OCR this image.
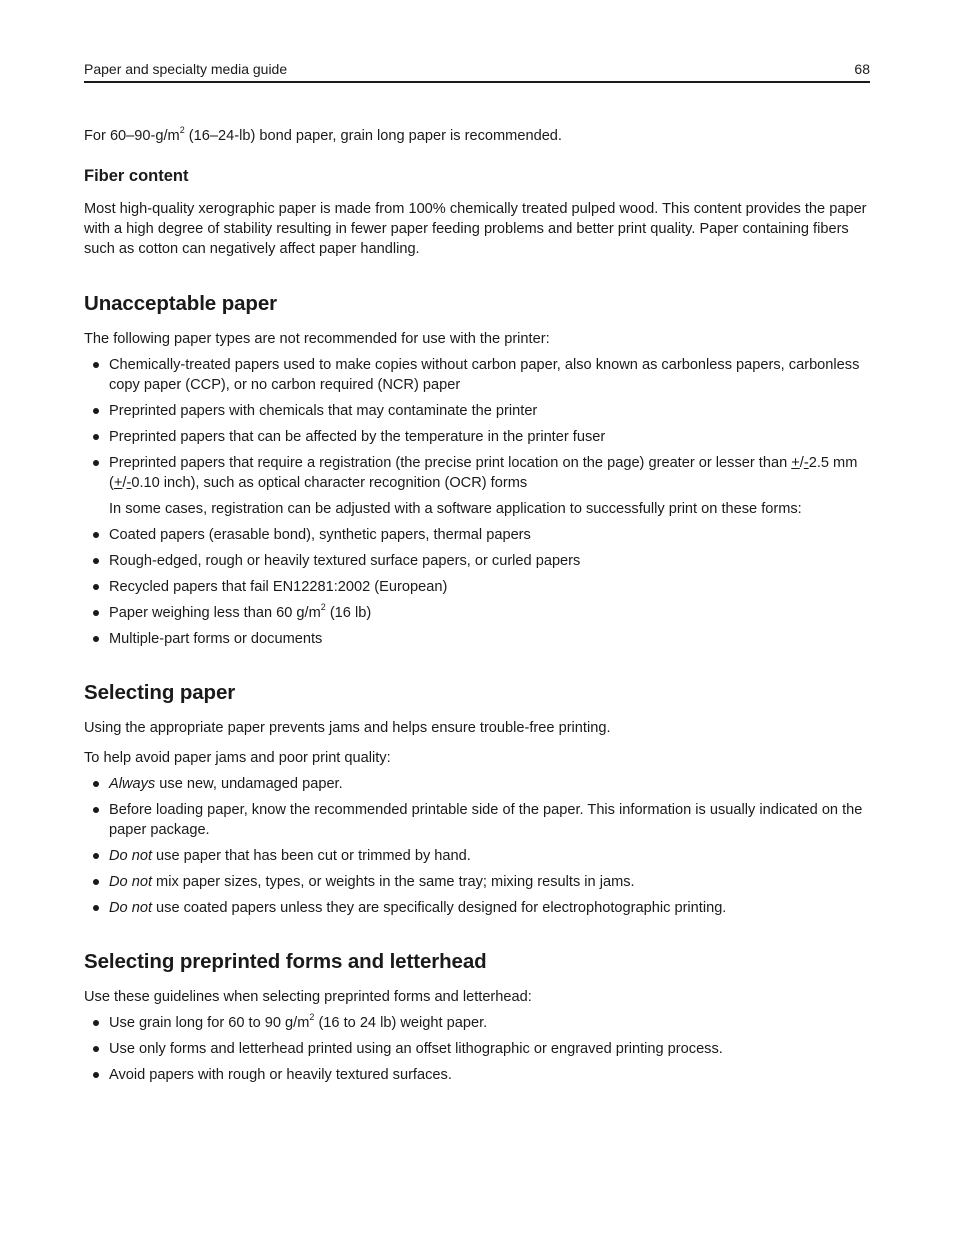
Paper and specialty media guide	68

For $60-90-g/m^2$ (16–24-lb) bond paper, grain long paper is recommended.

Fiber content

Most high-quality xerographic paper is made from 100% chemically treated pulped wood. This content provides the paper with a high degree of stability resulting in fewer paper feeding problems and better print quality. Paper containing fibers such as cotton can negatively affect paper handling.

Unacceptable paper

The following paper types are not recommended for use with the printer:

Chemically-treated papers used to make copies without carbon paper, also known as carbonless papers, carbonless copy paper (CCP), or no carbon required (NCR) paper
Preprinted papers with chemicals that may contaminate the printer
Preprinted papers that can be affected by the temperature in the printer fuser
Preprinted papers that require a registration (the precise print location on the page) greater or lesser than +/-2.5 mm (+/-0.10 inch), such as optical character recognition (OCR) forms

In some cases, registration can be adjusted with a software application to successfully print on these forms:

Coated papers (erasable bond), synthetic papers, thermal papers
Rough-edged, rough or heavily textured surface papers, or curled papers
Recycled papers that fail EN12281:2002 (European)
Paper weighing less than 60 $g/m^2$ (16 lb)
Multiple-part forms or documents
Selecting paper

Using the appropriate paper prevents jams and helps ensure trouble-free printing.

To help avoid paper jams and poor print quality:

Always use new, undamaged paper.
Before loading paper, know the recommended printable side of the paper. This information is usually indicated on the paper package.
Do not use paper that has been cut or trimmed by hand.
Do not mix paper sizes, types, or weights in the same tray; mixing results in jams.
Do not use coated papers unless they are specifically designed for electrophotographic printing.
Selecting preprinted forms and letterhead

Use these guidelines when selecting preprinted forms and letterhead:

Use grain long for 60 to 90 $g/m^2$ (16 to 24 lb) weight paper.
Use only forms and letterhead printed using an offset lithographic or engraved printing process.
Avoid papers with rough or heavily textured surfaces.
